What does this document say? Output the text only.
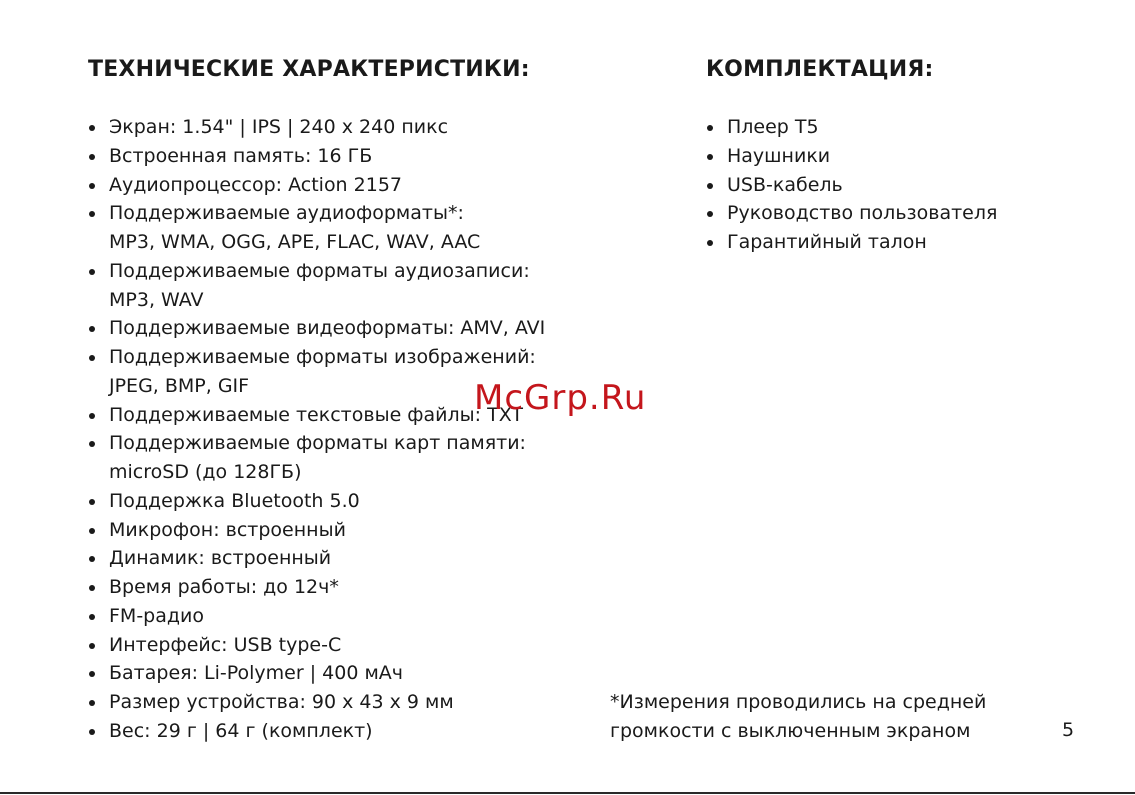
ТЕХНИЧЕСКИЕ ХАРАКТЕРИСТИКИ:
Экран: 1.54" | IPS | 240 x 240 пикс
Встроенная память: 16 ГБ
Аудиопроцессор: Action 2157
Поддерживаемые аудиоформаты*:
MP3, WMA, OGG, APE, FLAC, WAV, AAC
Поддерживаемые форматы аудиозаписи:
MP3, WAV
Поддерживаемые видеоформаты: AMV, AVI
Поддерживаемые форматы изображений:
JPEG, BMP, GIF
Поддерживаемые текстовые файлы: TXT
Поддерживаемые форматы карт памяти:
microSD (до 128ГБ)
Поддержка Bluetooth 5.0
Микрофон: встроенный
Динамик: встроенный
Время работы: до 12ч*
FM-радио
Интерфейс: USB type-C
Батарея: Li-Polymer | 400 мАч
Размер устройства: 90 x 43 x 9 мм
Вес: 29 г | 64 г (комплект)
КОМПЛЕКТАЦИЯ:
Плеер T5
Наушники
USB-кабель
Руководство пользователя
Гарантийный талон

*Измерения проводились на средней
громкости с выключенным экраном	5
McGrp.Ru
